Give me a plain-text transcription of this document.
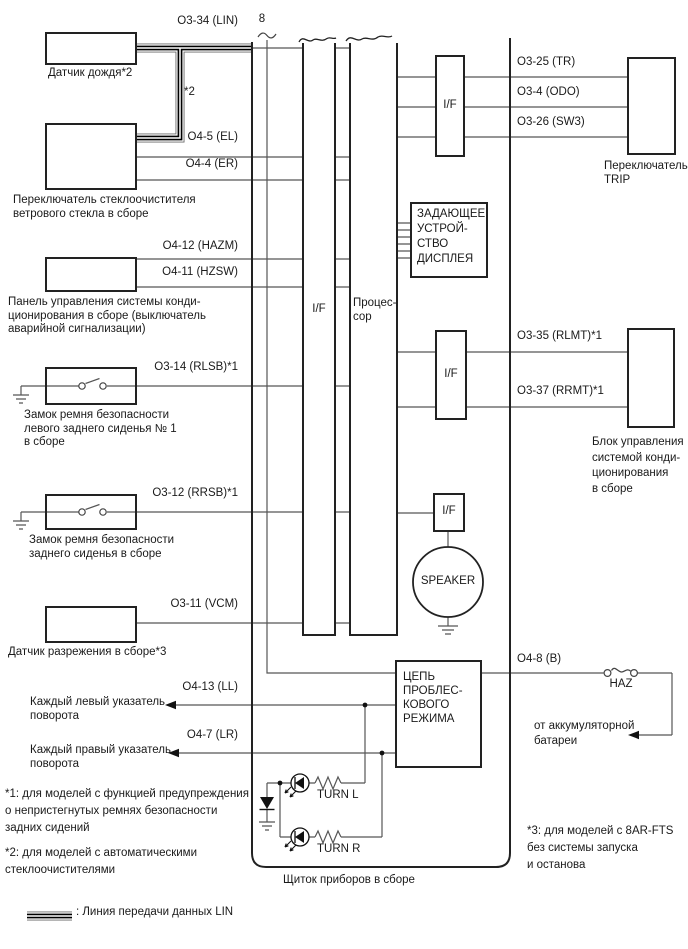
O3-34 (LIN)
O4-5 (EL)
O4-4 (ER)
O4-12 (HAZM)
O4-11 (HZSW)
O3-14 (RLSB)*1
O3-12 (RRSB)*1
O3-11 (VCM)
O4-13 (LL)
O4-7 (LR)
O3-25 (TR)
O3-4 (ODO)
O3-26 (SW3)
O3-35 (RLMT)*1
O3-37 (RRMT)*1
O4-8 (B)
8
*2
Датчик дождя*2
Переключатель стеклоочистителя
ветрового стекла в сборе
Панель управления системы конди-
ционирования в сборе (выключатель
аварийной сигнализации)
Замок ремня безопасности
левого заднего сиденья № 1
в сборе
Замок ремня безопасности
заднего сиденья в сборе
Датчик разрежения в сборе*3
Каждый левый указатель
поворота
Каждый правый указатель
поворота
I/F	Процес-
сор
I/F
I/F
I/F
ЗАДАЮЩЕЕ
УСТРОЙ-
СТВО
ДИСПЛЕЯ
SPEAKER
ЦЕПЬ
ПРОБЛЕС-
КОВОГО
РЕЖИМА
TURN L
TURN R
HAZ
Щиток приборов в сборе
Переключатель
TRIP
Блок управления
системой конди-
ционирования
в сборе
от аккумуляторной
батареи
*1: для моделей с функцией предупреждения
о непристегнутых ремнях безопасности
задних сидений
*2: для моделей с автоматическими
стеклоочистителями
*3: для моделей с 8AR-FTS
без системы запуска
и останова
: Линия передачи данных LIN
